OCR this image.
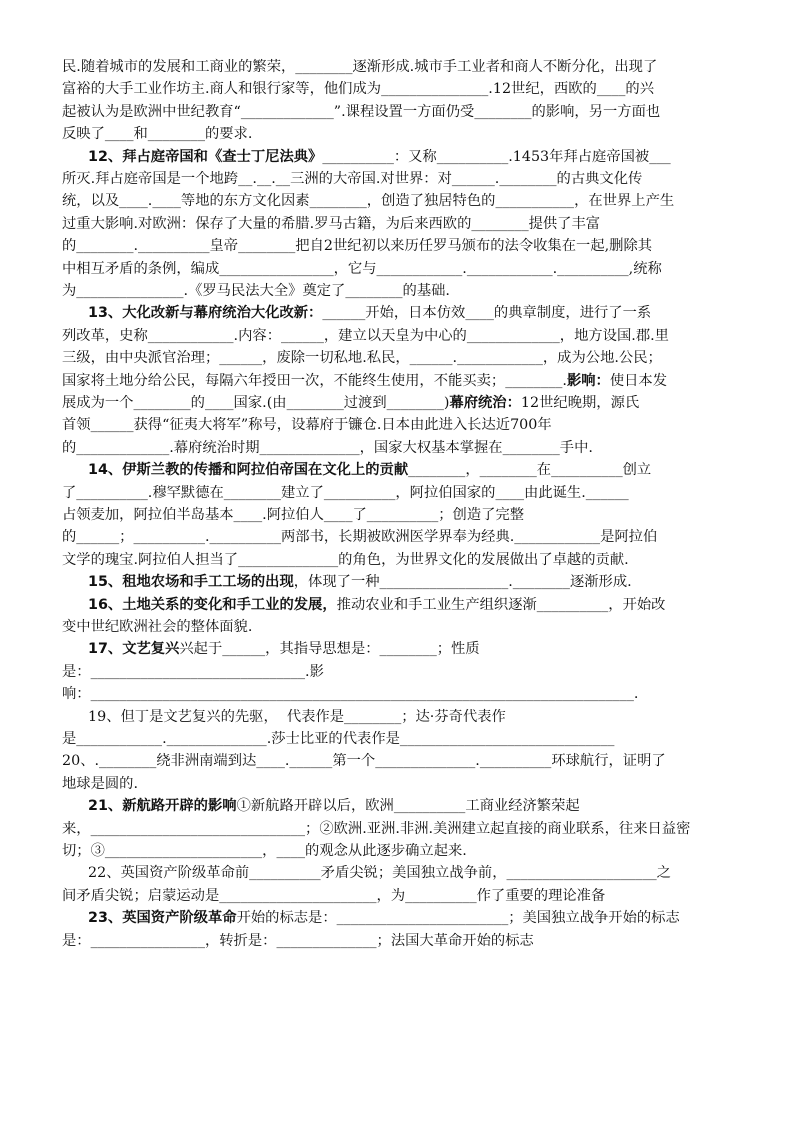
民.随着城市的发展和工商业的繁荣，________逐渐形成.城市手工业者和商人不断分化，出现了
富裕的大手工业作坊主.商人和银行家等，他们成为_______________.12世纪，西欧的____的兴
起被认为是欧洲中世纪教育“_____________”.课程设置一方面仍受________的影响，另一方面也
反映了____和________的要求.
12、拜占庭帝国和《查士丁尼法典》__________：又称__________.1453年拜占庭帝国被___
所灭.拜占庭帝国是一个地跨__.__.__三洲的大帝国.对世界：对______.________的古典文化传
统，以及____.____等地的东方文化因素________，创造了独居特色的___________，在世界上产生
过重大影响.对欧洲：保存了大量的希腊.罗马古籍，为后来西欧的________提供了丰富
的________.__________皇帝________把自2世纪初以来历任罗马颁布的法令收集在一起,删除其
中相互矛盾的条例，编成________________，它与____________.____________.__________,统称
为_______________.《罗马民法大全》奠定了________的基础.
13、大化改新与幕府统治大化改新：______开始，日本仿效____的典章制度，进行了一系
列改革，史称____________.内容：______，建立以天皇为中心的_____________，地方设国.郡.里
三级，由中央派官治理；______，废除一切私地.私民，______.____________，成为公地.公民；
国家将土地分给公民，每隔六年授田一次，不能终生使用，不能买卖；________.影响：使日本发
展成为一个________的____国家.(由________过渡到________)幕府统治：12世纪晚期，源氏
首领______获得“征夷大将军”称号，设幕府于镰仓.日本由此进入长达近700年
的_____________.幕府统治时期______________，国家大权基本掌握在________手中.
14、伊斯兰教的传播和阿拉伯帝国在文化上的贡献________，________在__________创立
了__________.穆罕默德在________建立了__________，阿拉伯国家的____由此诞生.______
占领麦加，阿拉伯半岛基本____.阿拉伯人____了__________；创造了完整
的______；__________.__________两部书，长期被欧洲医学界奉为经典.____________是阿拉伯
文学的瑰宝.阿拉伯人担当了______________的角色，为世界文化的发展做出了卓越的贡献.
15、租地农场和手工工场的出现，体现了一种__________________.________逐渐形成.
16、土地关系的变化和手工业的发展，推动农业和手工业生产组织逐渐__________，开始改
变中世纪欧洲社会的整体面貌.
17、文艺复兴兴起于______，其指导思想是：________；性质
是：______________________________.影
响：____________________________________________________________________________.
19、但丁是文艺复兴的先驱，  代表作是________；达·芬奇代表作
是____________.______________.莎士比亚的代表作是______________________________
20、.________绕非洲南端到达____.______第一个______________.__________环球航行，证明了
地球是圆的.
21、新航路开辟的影响①新航路开辟以后，欧洲__________工商业经济繁荣起
来，______________________________；②欧洲.亚洲.非洲.美洲建立起直接的商业联系，往来日益密
切；③______________________，____的观念从此逐步确立起来.
22、英国资产阶级革命前__________矛盾尖锐；美国独立战争前，_____________________之
间矛盾尖锐；启蒙运动是______________________，为__________作了重要的理论准备
23、英国资产阶级革命开始的标志是：________________________；美国独立战争开始的标志
是：________________，转折是：______________；法国大革命开始的标志
